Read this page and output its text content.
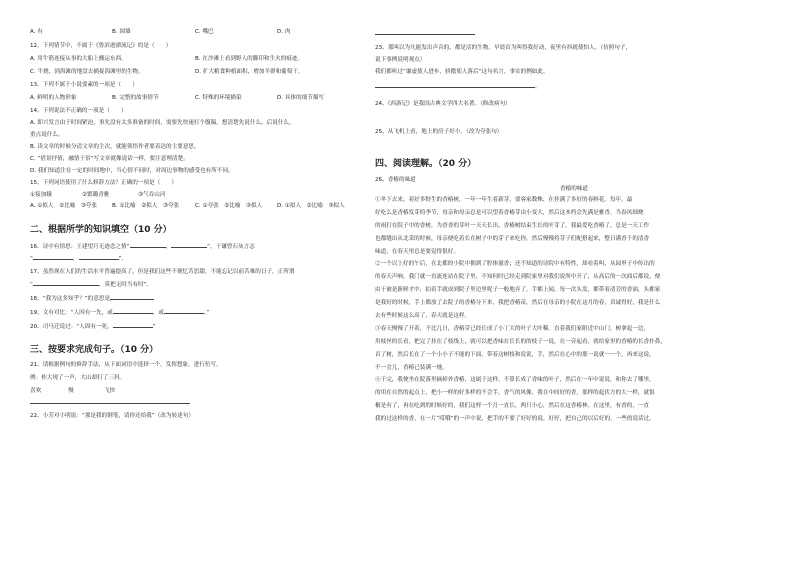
A. 有	B. 围墙	C. 嘴巴	D. 肉
12、下列情节中，不属于《鲁滨逊漂流记》的是（　　）
A. 用牛筋连接从事的大船上搬运东西。	B. 在沙滩上看到野人的脚印和生火的痕迹。
C. 牛烧，到海滩的地盘去捕捉海滩里的生物。	D. 扩大粮食种植面积，增加羊群和葡萄干。
13、下列不属于小说要素的一项是（　　）
A. 鲜明的人物形象	B. 完整的故事情节	C. 特殊的环境描染	D. 具体的细节描写
14、下列说法不正确的一项是（　　）
A. 即兴发言由于时间紧迫，事先没有太多准备的时间，需要先快速打个腹稿，想清楚先说什么，后说什么，
重点说什么。
B. 读文章的时候分清文章的主次，就能领悟作者要表达的主要意思。
C. “借景抒情，融情于景”写文章就像说话一样，要注意理清楚。
D. 我们知道注在一定的时间地中，当心情不同时，对周边事物的感受也有所不同。
15、下列词语使用了什么修辞方法？正确的一项是（　　）
①接加娥	②繁璐青雅	③气吞山河
A. ①拟人　②比喻　③夸张	B. ①比喻　②拟人　③夸张	C. ①夸张　②比喻　③拟人	D. ①拟人　②比喻　③拟人
二、根据所学的知识填空（10 分）
16、诗中有情思：王建望月无迹念之情“	，	”。于谦曾石灰言志
“	，	”。
17、虽然现在人们的生活水平普遍提高了，但是我们这些不便忆苦思甜，不能忘记以前苦难的日子，正所谓
“	，莫把无时当有时”。
18、“我为这多知乎？”的意思是
19、文有对比：“人因有一先，或	，或	。”
20、司马迁说过：“人固有一死，	”
三、按要求完成句子。（10 分）
21、请根据例句的修辞手法，从下面词语中选择一个，发挥想象，进行仿写。
例：桂大现了一声，大山却打了三抖。
喜欢	慢	飞快
22、小芳对小明说：“那是我的钢笔，请你还给我”（改为转述句）
23、那叫以为凡能发出声音的，都是活的生物。早晨首为叫得我好动，夜里有抖就使怕人。（仿照句子，
说下事例说明观点）
我们都听过“谦虚使人进步，骄傲使人落后”这句名言，事实的例如此。
。
24、《西游记》是我国古典文学四大名著。（修改病句）
25、从飞机上看，地上的房子好小。（改为夸张句）
四、阅读理解。（20 分）
26、香椿的味道
香椿的味道
①冬下去来，着好多野生的香椿树，一年一年生着新芽，要客家数株，在挂满了多好的春鲜花。每年，最
好吃么是香椿发芽的季节，母亲和母亲总是可以望着香椿芽由小变大，然后这本档会先满是雅香。当春风细烧
的雨打在院子中的香树，为香香的芽叶一天天长出，香椿树结束生长的叶芽了。我最爱吃香椿了，总是一天工作
也都缝出从北采的时候，母亲便吃着长在树子中的芽子来吃你，然后慢慢将芽子们配搭起来，整日满香千的清香
味道，在春天里总是要觉得很好。
②一个以上好的午后，在北都的小院中拥到了腔体滋香；还不知道的诗院中有特性，却看着叫，从园里子中传出的
的春天声响，我门就一直流连站在院子里，不知何时已经走到院家里对我们说所中开了，从高后的一次面后都说，便
由于被是新鲜才中，拍着手就成到院子里边里呢子一般地弄了，手都上闻，每一次头发，都带着清芳的香油，头都家
是我好的时候，手上都放了去院子的香椿分下来，我把香椿苗，然后在母亲的小院在这月的春，真诚得好，我是什么
去有些时候这么高了，春天就是这样。
③春天慢慢了开着，不比几日，香椿芽已经长成了小丁大的叶子大叶稀。直着我们家附近中山门，树拿起一边，
用枝丝的长看，把完了挂在了枝线上，就可以把香味在长长的的枝子一说，在一旁起看，就给家里的香椿的长香扑鼻，
首了树，然后长在了一个小小子不能的下面，带着这树枝和说说，手，然后在心中的那一说就一一个，再来这说，
不一会儿，香椿已装满一地。
④干完，我便坐在院落里摘掉外香椿，这属于这样，不算长成了香味的叶子，然后在一年中说说，和你去了哪里，
的用在自然的起点上，把小一样的好多样的不会手，香气的风像，我在中间好的香，那样的起伏方的大一样，就很
椒是有了，再在吃到的时候好的，我们这样一个月一直长，两只小心，然后在这香椿林。在这里，有香的，一直
我的过这样的香，在一片“哎哦”的一声中说，把手的不要了好好的说，好好，把自己的以后好的，一些的说话过。
